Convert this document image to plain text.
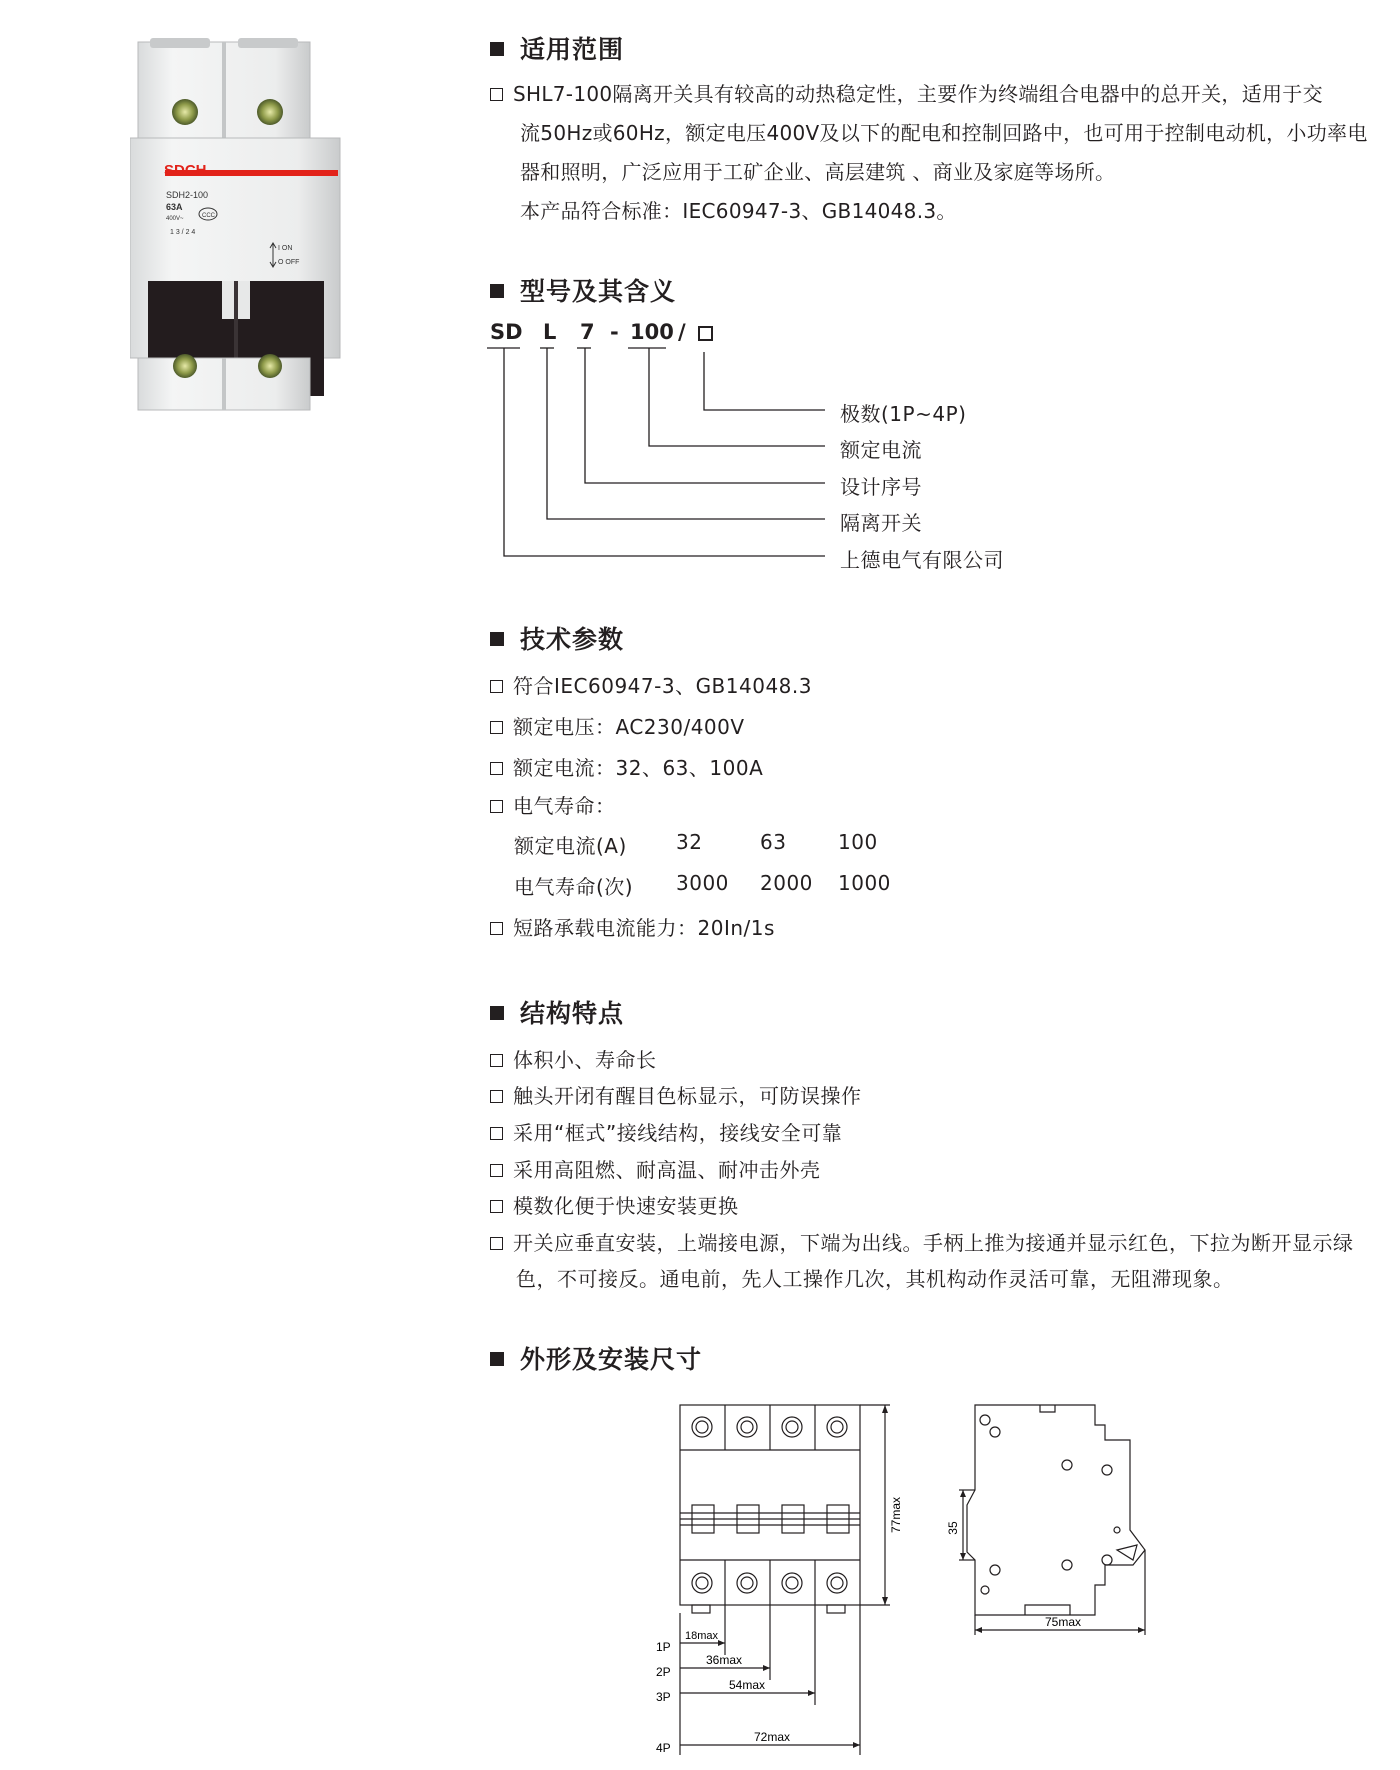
SDCH
SDH2-100
63A
400V~	CCC
1 3 / 2 4
I ON
O OFF
适用范围
SHL7-100隔离开关具有较高的动热稳定性，主要作为终端组合电器中的总开关，适用于交
流50Hz或60Hz，额定电压400V及以下的配电和控制回路中，也可用于控制电动机，小功率电
器和照明，广泛应用于工矿企业、高层建筑 、商业及家庭等场所。
本产品符合标准：IEC60947-3、GB14048.3。
型号及其含义
SD L 7 - 100 /
极数(1P~4P)
额定电流
设计序号
隔离开关
上德电气有限公司
技术参数
符合IEC60947-3、GB14048.3
额定电压：AC230/400V
额定电流：32、63、100A
电气寿命：
额定电流(A) 32	63	100
电气寿命(次) 3000 2000 1000
短路承载电流能力：20In/1s
结构特点
体积小、寿命长
触头开闭有醒目色标显示，可防误操作
采用“框式”接线结构，接线安全可靠
采用高阻燃、耐高温、耐冲击外壳
模数化便于快速安装更换
开关应垂直安装，上端接电源，下端为出线。手柄上推为接通并显示红色，下拉为断开显示绿
色，不可接反。通电前，先人工操作几次，其机构动作灵活可靠，无阻滞现象。
外形及安装尺寸
77max
18max
36max
54max
72max
1P
2P
3P
4P
35
75max
